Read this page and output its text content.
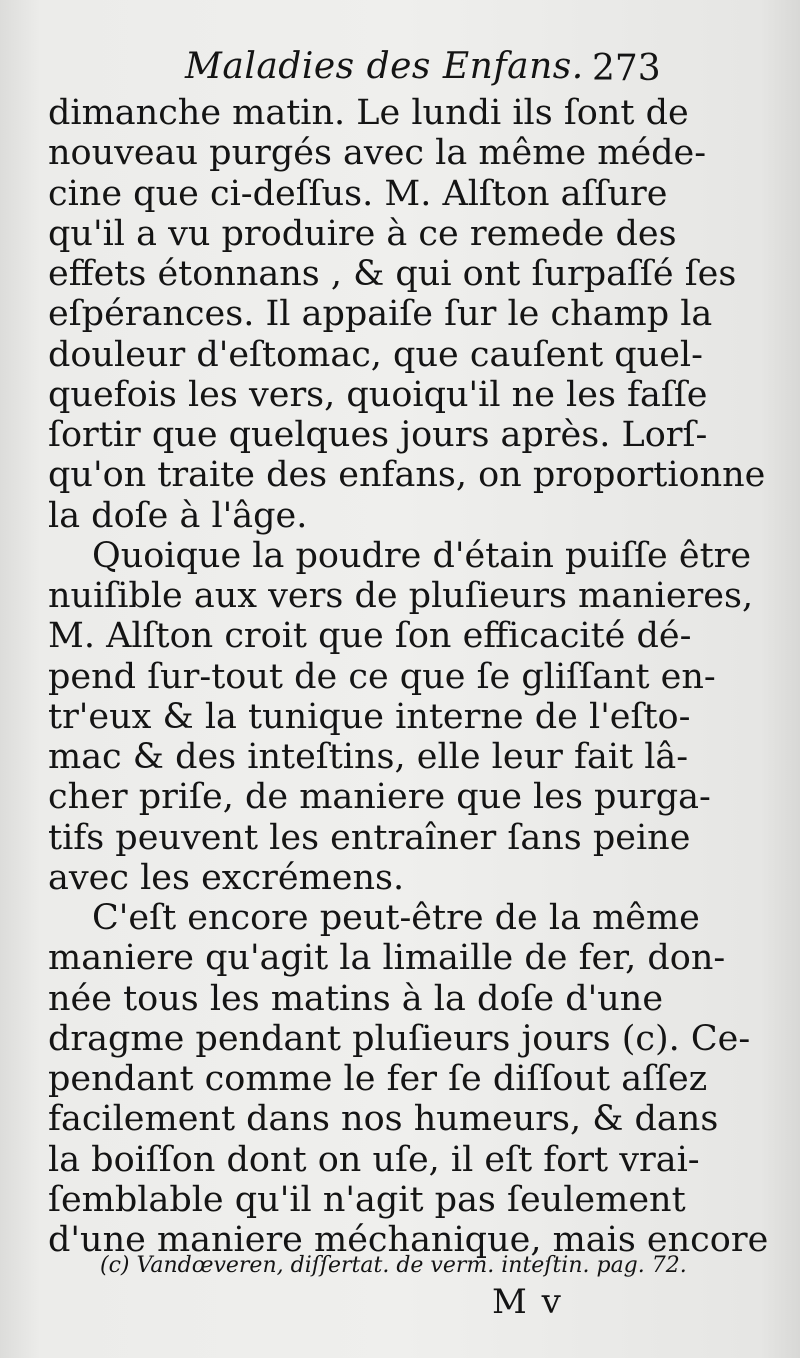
Maladies des Enfans. 273
dimanche matin. Le lundi ils ſont de
nouveau purgés avec la même méde-
cine que ci-deſſus. M. Alſton aſſure
qu'il a vu produire à ce remede des
effets étonnans , & qui ont ſurpaſſé ſes
eſpérances. Il appaiſe ſur le champ la
douleur d'eſtomac, que cauſent quel-
quefois les vers, quoiqu'il ne les faſſe
ſortir que quelques jours après. Lorſ-
qu'on traite des enfans, on proportionne
la doſe à l'âge.
Quoique la poudre d'étain puiſſe être
nuiſible aux vers de pluſieurs manieres,
M. Alſton croit que ſon efficacité dé-
pend ſur-tout de ce que ſe gliſſant en-
tr'eux & la tunique interne de l'eſto-
mac & des inteſtins, elle leur fait lâ-
cher priſe, de maniere que les purga-
tifs peuvent les entraîner ſans peine
avec les excrémens.
C'eſt encore peut-être de la même
maniere qu'agit la limaille de fer, don-
née tous les matins à la doſe d'une
dragme pendant pluſieurs jours (c). Ce-
pendant comme le fer ſe diſſout aſſez
facilement dans nos humeurs, & dans
la boiſſon dont on uſe, il eſt fort vrai-
ſemblable qu'il n'agit pas ſeulement
d'une maniere méchanique, mais encore
(c) Vandœveren, diſſertat. de verm. inteſtin. pag. 72.
M v
